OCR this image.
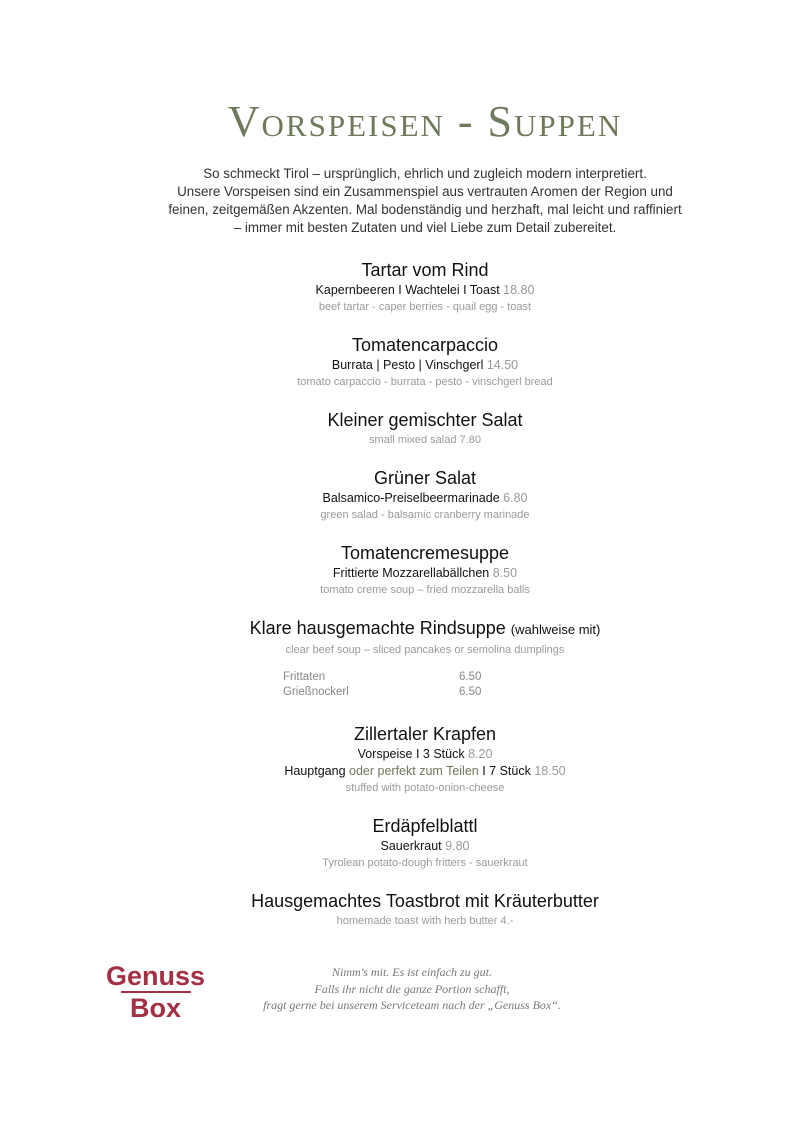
Vorspeisen - Suppen
So schmeckt Tirol – ursprünglich, ehrlich und zugleich modern interpretiert.
Unsere Vorspeisen sind ein Zusammenspiel aus vertrauten Aromen der Region und
feinen, zeitgemäßen Akzenten. Mal bodenständig und herzhaft, mal leicht und raffiniert
– immer mit besten Zutaten und viel Liebe zum Detail zubereitet.
Tartar vom Rind
Kapernbeeren I Wachtelei I Toast 18.80
beef tartar - caper berries - quail egg - toast
Tomatencarpaccio
Burrata | Pesto | Vinschgerl 14.50
tomato carpaccio - burrata - pesto - vinschgerl bread
Kleiner gemischter Salat
small mixed salad 7.80
Grüner Salat
Balsamico-Preiselbeermarinade 6.80
green salad - balsamic cranberry marinade
Tomatencremesuppe
Frittierte Mozzarellabällchen 8.50
tomato creme soup – fried mozzarella balls
Klare hausgemachte Rindsuppe (wahlweise mit)
clear beef soup – sliced pancakes or semolina dumplings
Frittaten	6.50
Grießnockerl	6.50
Zillertaler Krapfen
Vorspeise I 3 Stück 8.20
Hauptgang oder perfekt zum Teilen I 7 Stück 18.50
stuffed with potato-onion-cheese
Erdäpfelblattl
Sauerkraut 9.80
Tyrolean potato-dough fritters - sauerkraut
Hausgemachtes Toastbrot mit Kräuterbutter
homemade toast with herb butter 4.-
Genuss
Box
Nimm's mit. Es ist einfach zu gut.
Falls ihr nicht die ganze Portion schafft,
fragt gerne bei unserem Serviceteam nach der „Genuss Box“.
